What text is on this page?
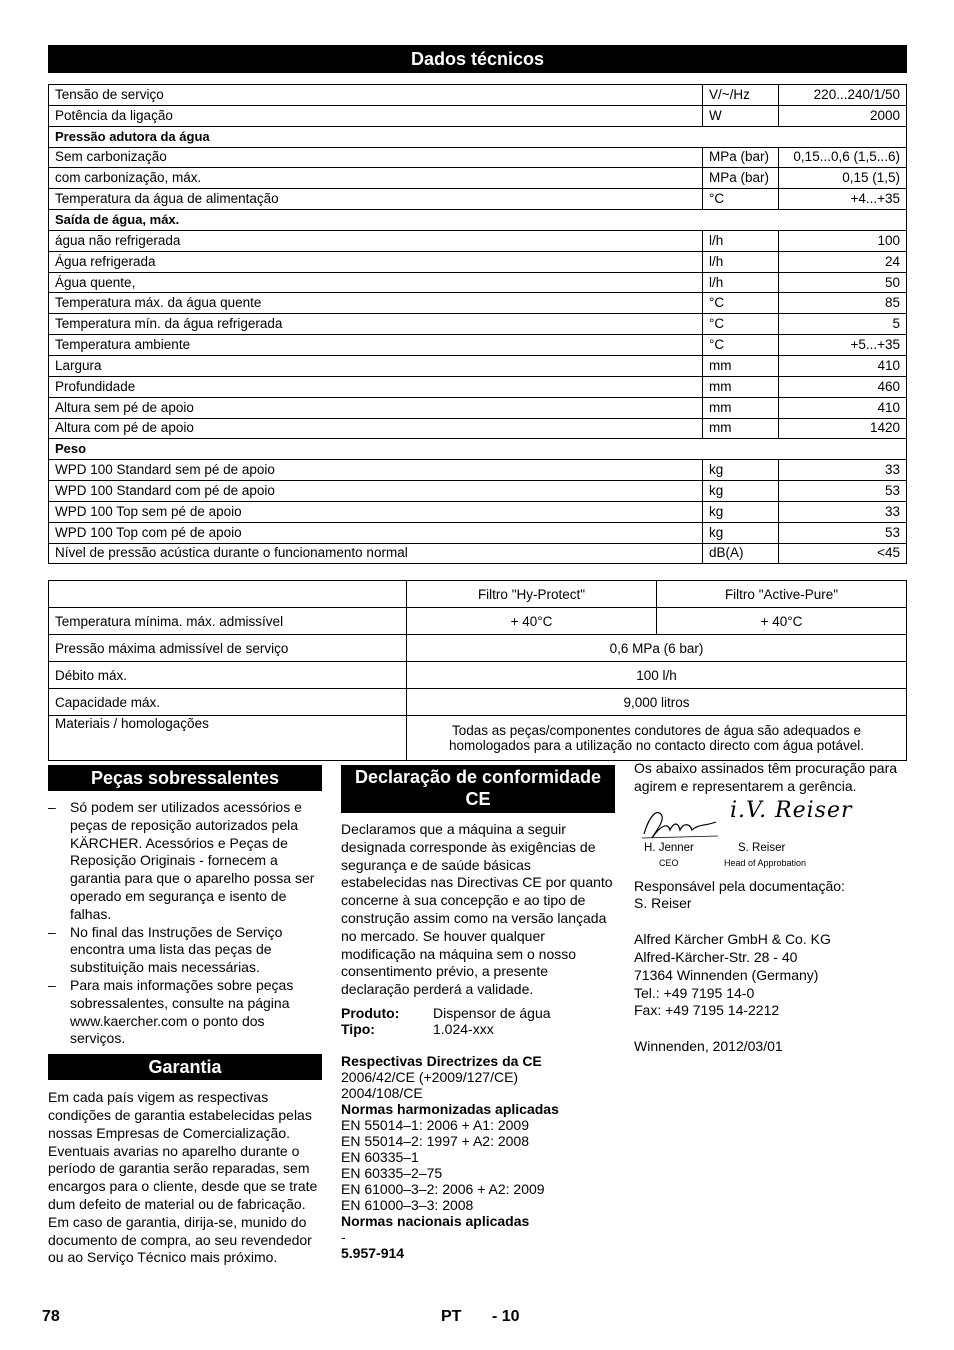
Dados técnicos
Tensão de serviço	V/~/Hz	220...240/1/50
Potência da ligação	W	2000
Pressão adutora da água		
Sem carbonização	MPa (bar)	0,15...0,6 (1,5...6)
com carbonização, máx.	MPa (bar)	0,15 (1,5)
Temperatura da água de alimentação	°C	+4...+35
Saída de água, máx.		
água não refrigerada	l/h	100
Água refrigerada	l/h	24
Água quente,	l/h	50
Temperatura máx. da água quente	°C	85
Temperatura mín. da água refrigerada	°C	5
Temperatura ambiente	°C	+5...+35
Largura	mm	410
Profundidade	mm	460
Altura sem pé de apoio	mm	410
Altura com pé de apoio	mm	1420
Peso		
WPD 100 Standard sem pé de apoio	kg	33
WPD 100 Standard com pé de apoio	kg	53
WPD 100 Top sem pé de apoio	kg	33
WPD 100 Top com pé de apoio	kg	53
Nível de pressão acústica durante o funcionamento normal	dB(A)	<45
	Filtro "Hy-Protect"	Filtro "Active-Pure"
Temperatura mínima. máx. admissível	+ 40°C	+ 40°C
Pressão máxima admissível de serviço	0,6 MPa (6 bar)	
Débito máx.	100 l/h	
Capacidade máx.	9,000 litros	
Materiais / homologações	Todas as peças/componentes condutores de água são adequados e homologados para a utilização no contacto directo com água potável.	
Peças sobressalentes
– Só podem ser utilizados acessórios e peças de reposição autorizados pela KÄRCHER. Acessórios e Peças de Reposição Originais - fornecem a garantia para que o aparelho possa ser operado em segurança e isento de falhas.
– No final das Instruções de Serviço encontra uma lista das peças de substituição mais necessárias.
– Para mais informações sobre peças sobressalentes, consulte na página www.kaercher.com o ponto dos serviços.
Garantia

Em cada país vigem as respectivas condições de garantia estabelecidas pelas nossas Empresas de Comercialização. Eventuais avarias no aparelho durante o período de garantia serão reparadas, sem encargos para o cliente, desde que se trate dum defeito de material ou de fabricação. Em caso de garantia, dirija-se, munido do documento de compra, ao seu revendedor ou ao Serviço Técnico mais próximo.

Declaração de conformidade CE

Declaramos que a máquina a seguir designada corresponde às exigências de segurança e de saúde básicas estabelecidas nas Directivas CE por quanto concerne à sua concepção e ao tipo de construção assim como na versão lançada no mercado. Se houver qualquer modificação na máquina sem o nosso consentimento prévio, a presente declaração perderá a validade.

Produto:	Dispensor de água
Tipo:	1.024-xxx
Respectivas Directrizes da CE
2006/42/CE (+2009/127/CE)
2004/108/CE
Normas harmonizadas aplicadas
EN 55014–1: 2006 + A1: 2009
EN 55014–2: 1997 + A2: 2008
EN 60335–1
EN 60335–2–75
EN 61000–3–2: 2006 + A2: 2009
EN 61000–3–3: 2008
Normas nacionais aplicadas
-
5.957-914

Os abaixo assinados têm procuração para agirem e representarem a gerência.

H. Jenner
CEO
i.V. Reiser
S. Reiser
Head of Approbation

Responsável pela documentação:

S. Reiser

Alfred Kärcher GmbH & Co. KG
Alfred-Kärcher-Str. 28 - 40
71364 Winnenden (Germany)
Tel.: +49 7195 14-0
Fax: +49 7195 14-2212

Winnenden, 2012/03/01

78	PT - 10
